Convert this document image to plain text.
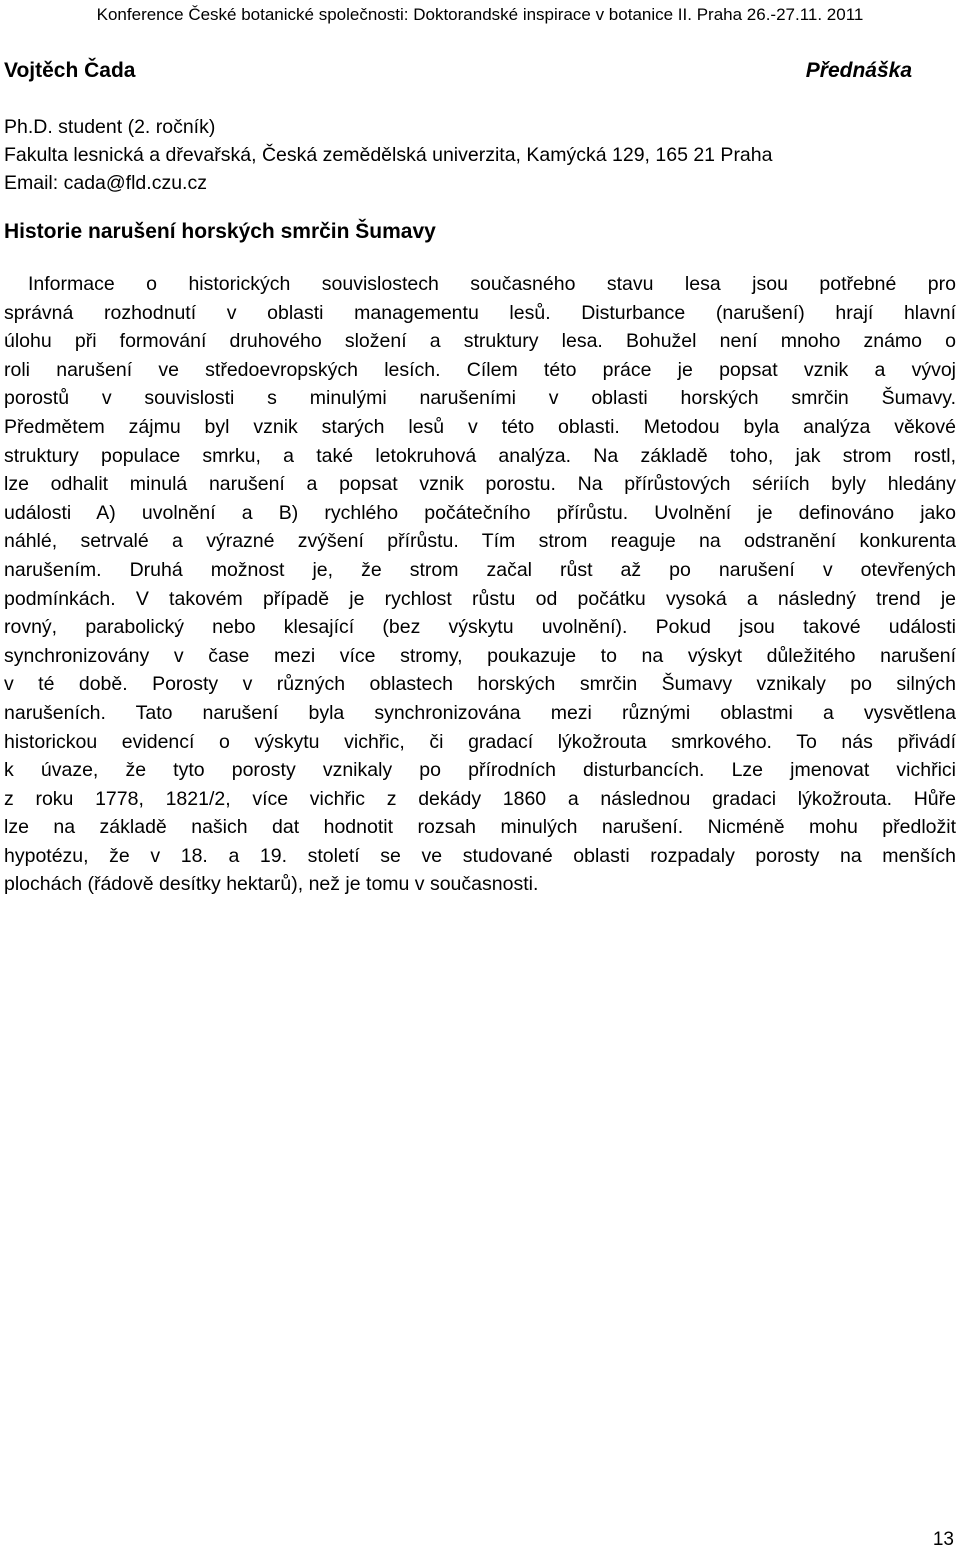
Konference České botanické společnosti: Doktorandské inspirace v botanice II. Praha 26.-27.11. 2011
Vojtěch Čada	Přednáška
Ph.D. student (2. ročník)
Fakulta lesnická a dřevařská, Česká zemědělská univerzita, Kamýcká 129, 165 21 Praha
Email: cada@fld.czu.cz
Historie narušení horských smrčin Šumavy
Informace o historických souvislostech současného stavu lesa jsou potřebné pro
správná rozhodnutí v oblasti managementu lesů. Disturbance (narušení) hrají hlavní
úlohu při formování druhového složení a struktury lesa. Bohužel není mnoho známo o
roli narušení ve středoevropských lesích. Cílem této práce je popsat vznik a vývoj
porostů v souvislosti s minulými narušeními v oblasti horských smrčin Šumavy.
Předmětem zájmu byl vznik starých lesů v této oblasti. Metodou byla analýza věkové
struktury populace smrku, a také letokruhová analýza. Na základě toho, jak strom rostl,
lze odhalit minulá narušení a popsat vznik porostu. Na přírůstových sériích byly hledány
události A) uvolnění a B) rychlého počátečního přírůstu. Uvolnění je definováno jako
náhlé, setrvalé a výrazné zvýšení přírůstu. Tím strom reaguje na odstranění konkurenta
narušením. Druhá možnost je, že strom začal růst až po narušení v otevřených
podmínkách. V takovém případě je rychlost růstu od počátku vysoká a následný trend je
rovný, parabolický nebo klesající (bez výskytu uvolnění). Pokud jsou takové události
synchronizovány v čase mezi více stromy, poukazuje to na výskyt důležitého narušení
v té době. Porosty v různých oblastech horských smrčin Šumavy vznikaly po silných
narušeních. Tato narušení byla synchronizována mezi různými oblastmi a vysvětlena
historickou evidencí o výskytu vichřic, či gradací lýkožrouta smrkového. To nás přivádí
k úvaze, že tyto porosty vznikaly po přírodních disturbancích. Lze jmenovat vichřici
z roku 1778, 1821/2, více vichřic z dekády 1860 a následnou gradaci lýkožrouta. Hůře
lze na základě našich dat hodnotit rozsah minulých narušení. Nicméně mohu předložit
hypotézu, že v 18. a 19. století se ve studované oblasti rozpadaly porosty na menších
plochách (řádově desítky hektarů), než je tomu v současnosti.
13
